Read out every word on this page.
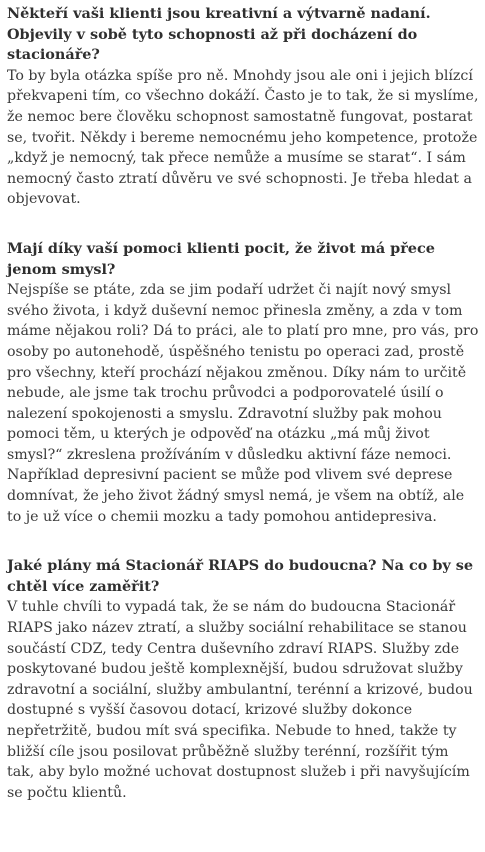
Někteří vaši klienti jsou kreativní a výtvarně nadaní. Objevily v sobě tyto schopnosti až při docházení do stacionáře?

To by byla otázka spíše pro ně. Mnohdy jsou ale oni i jejich blízcí překvapeni tím, co všechno dokáží. Často je to tak, že si myslíme, že nemoc bere člověku schopnost samostatně fungovat, postarat se, tvořit. Někdy i bereme nemocnému jeho kompetence, protože „když je nemocný, tak přece nemůže a musíme se starat“. I sám nemocný často ztratí důvěru ve své schopnosti. Je třeba hledat a objevovat.

Mají díky vaší pomoci klienti pocit, že život má přece jenom smysl?

Nejspíše se ptáte, zda se jim podaří udržet či najít nový smysl svého života, i když duševní nemoc přinesla změny, a zda v tom máme nějakou roli? Dá to práci, ale to platí pro mne, pro vás, pro osoby po autonehodě, úspěšného tenistu po operaci zad, prostě pro všechny, kteří prochází nějakou změnou. Díky nám to určitě nebude, ale jsme tak trochu průvodci a podporovatelé úsilí o nalezení spokojenosti a smyslu. Zdravotní služby pak mohou pomoci těm, u kterých je odpověď na otázku „má můj život smysl?“ zkreslena prožíváním v důsledku aktivní fáze nemoci. Například depresivní pacient se může pod vlivem své deprese domnívat, že jeho život žádný smysl nemá, je všem na obtíž, ale to je už více o chemii mozku a tady pomohou antidepresiva.

Jaké plány má Stacionář RIAPS do budoucna? Na co by se chtěl více zaměřit?

V tuhle chvíli to vypadá tak, že se nám do budoucna Stacionář RIAPS jako název ztratí, a služby sociální rehabilitace se stanou součástí CDZ, tedy Centra duševního zdraví RIAPS. Služby zde poskytované budou ještě komplexnější, budou sdružovat služby zdravotní a sociální, služby ambulantní, terénní a krizové, budou dostupné s vyšší časovou dotací, krizové služby dokonce nepřetržitě, budou mít svá specifika. Nebude to hned, takže ty bližší cíle jsou posilovat průběžně služby terénní, rozšířit tým tak, aby bylo možné uchovat dostupnost služeb i při navyšujícím se počtu klientů.
